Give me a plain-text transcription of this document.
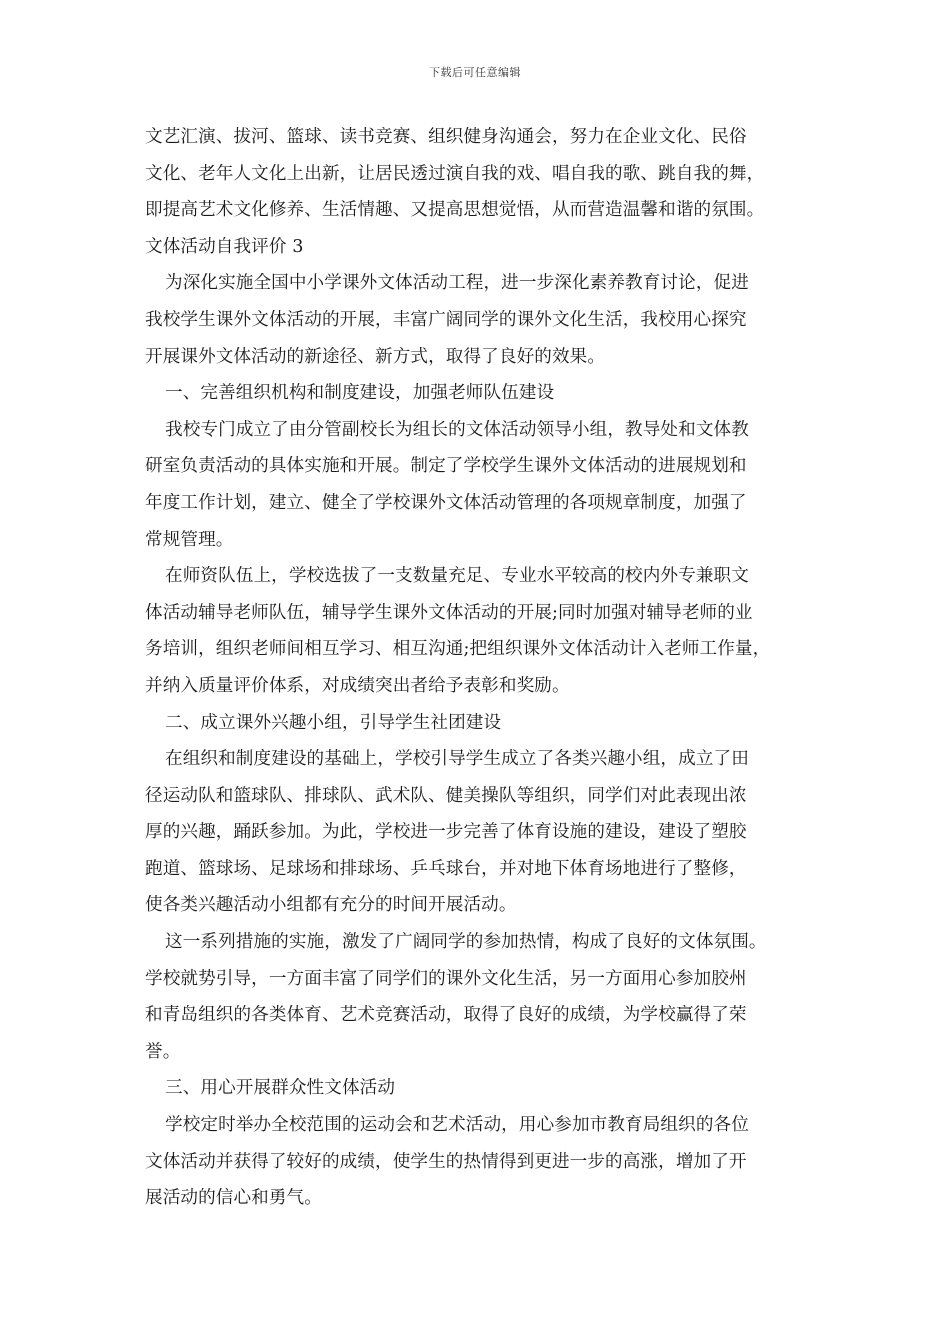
下载后可任意编辑
文艺汇演、拔河、篮球、读书竞赛、组织健身沟通会，努力在企业文化、民俗
文化、老年人文化上出新，让居民透过演自我的戏、唱自我的歌、跳自我的舞，
即提高艺术文化修养、生活情趣、又提高思想觉悟，从而营造温馨和谐的氛围。
文体活动自我评价 3
为深化实施全国中小学课外文体活动工程，进一步深化素养教育讨论，促进
我校学生课外文体活动的开展，丰富广阔同学的课外文化生活，我校用心探究
开展课外文体活动的新途径、新方式，取得了良好的效果。
一、完善组织机构和制度建设，加强老师队伍建设
我校专门成立了由分管副校长为组长的文体活动领导小组，教导处和文体教
研室负责活动的具体实施和开展。制定了学校学生课外文体活动的进展规划和
年度工作计划，建立、健全了学校课外文体活动管理的各项规章制度，加强了
常规管理。
在师资队伍上，学校选拔了一支数量充足、专业水平较高的校内外专兼职文
体活动辅导老师队伍，辅导学生课外文体活动的开展;同时加强对辅导老师的业
务培训，组织老师间相互学习、相互沟通;把组织课外文体活动计入老师工作量，
并纳入质量评价体系，对成绩突出者给予表彰和奖励。
二、成立课外兴趣小组，引导学生社团建设
在组织和制度建设的基础上，学校引导学生成立了各类兴趣小组，成立了田
径运动队和篮球队、排球队、武术队、健美操队等组织，同学们对此表现出浓
厚的兴趣，踊跃参加。为此，学校进一步完善了体育设施的建设，建设了塑胶
跑道、篮球场、足球场和排球场、乒乓球台，并对地下体育场地进行了整修，
使各类兴趣活动小组都有充分的时间开展活动。
这一系列措施的实施，激发了广阔同学的参加热情，构成了良好的文体氛围。
学校就势引导，一方面丰富了同学们的课外文化生活，另一方面用心参加胶州
和青岛组织的各类体育、艺术竞赛活动，取得了良好的成绩，为学校赢得了荣
誉。
三、用心开展群众性文体活动
学校定时举办全校范围的运动会和艺术活动，用心参加市教育局组织的各位
文体活动并获得了较好的成绩，使学生的热情得到更进一步的高涨，增加了开
展活动的信心和勇气。
